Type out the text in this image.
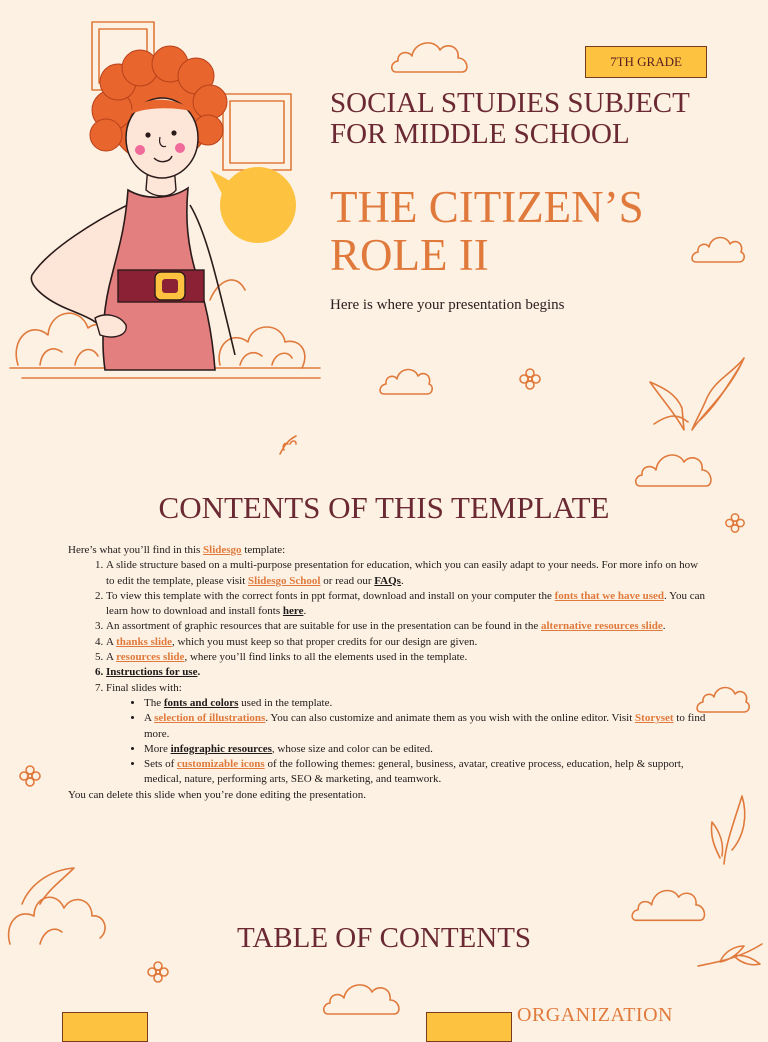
7TH GRADE
SOCIAL STUDIES SUBJECT FOR MIDDLE SCHOOL
THE CITIZEN’S ROLE II
Here is where your presentation begins
CONTENTS OF THIS TEMPLATE
Here’s what you’ll find in this Slidesgo template:
1. A slide structure based on a multi-purpose presentation for education, which you can easily adapt to your needs. For more info on how to edit the template, please visit Slidesgo School or read our FAQs.
2. To view this template with the correct fonts in ppt format, download and install on your computer the fonts that we have used. You can learn how to download and install fonts here.
3. An assortment of graphic resources that are suitable for use in the presentation can be found in the alternative resources slide.
4. A thanks slide, which you must keep so that proper credits for our design are given.
5. A resources slide, where you’ll find links to all the elements used in the template.
6. Instructions for use.
7. Final slides with:
• The fonts and colors used in the template.
• A selection of illustrations. You can also customize and animate them as you wish with the online editor. Visit Storyset to find more.
• More infographic resources, whose size and color can be edited.
• Sets of customizable icons of the following themes: general, business, avatar, creative process, education, help & support, medical, nature, performing arts, SEO & marketing, and teamwork.
You can delete this slide when you’re done editing the presentation.
TABLE OF CONTENTS
ORGANIZATION
